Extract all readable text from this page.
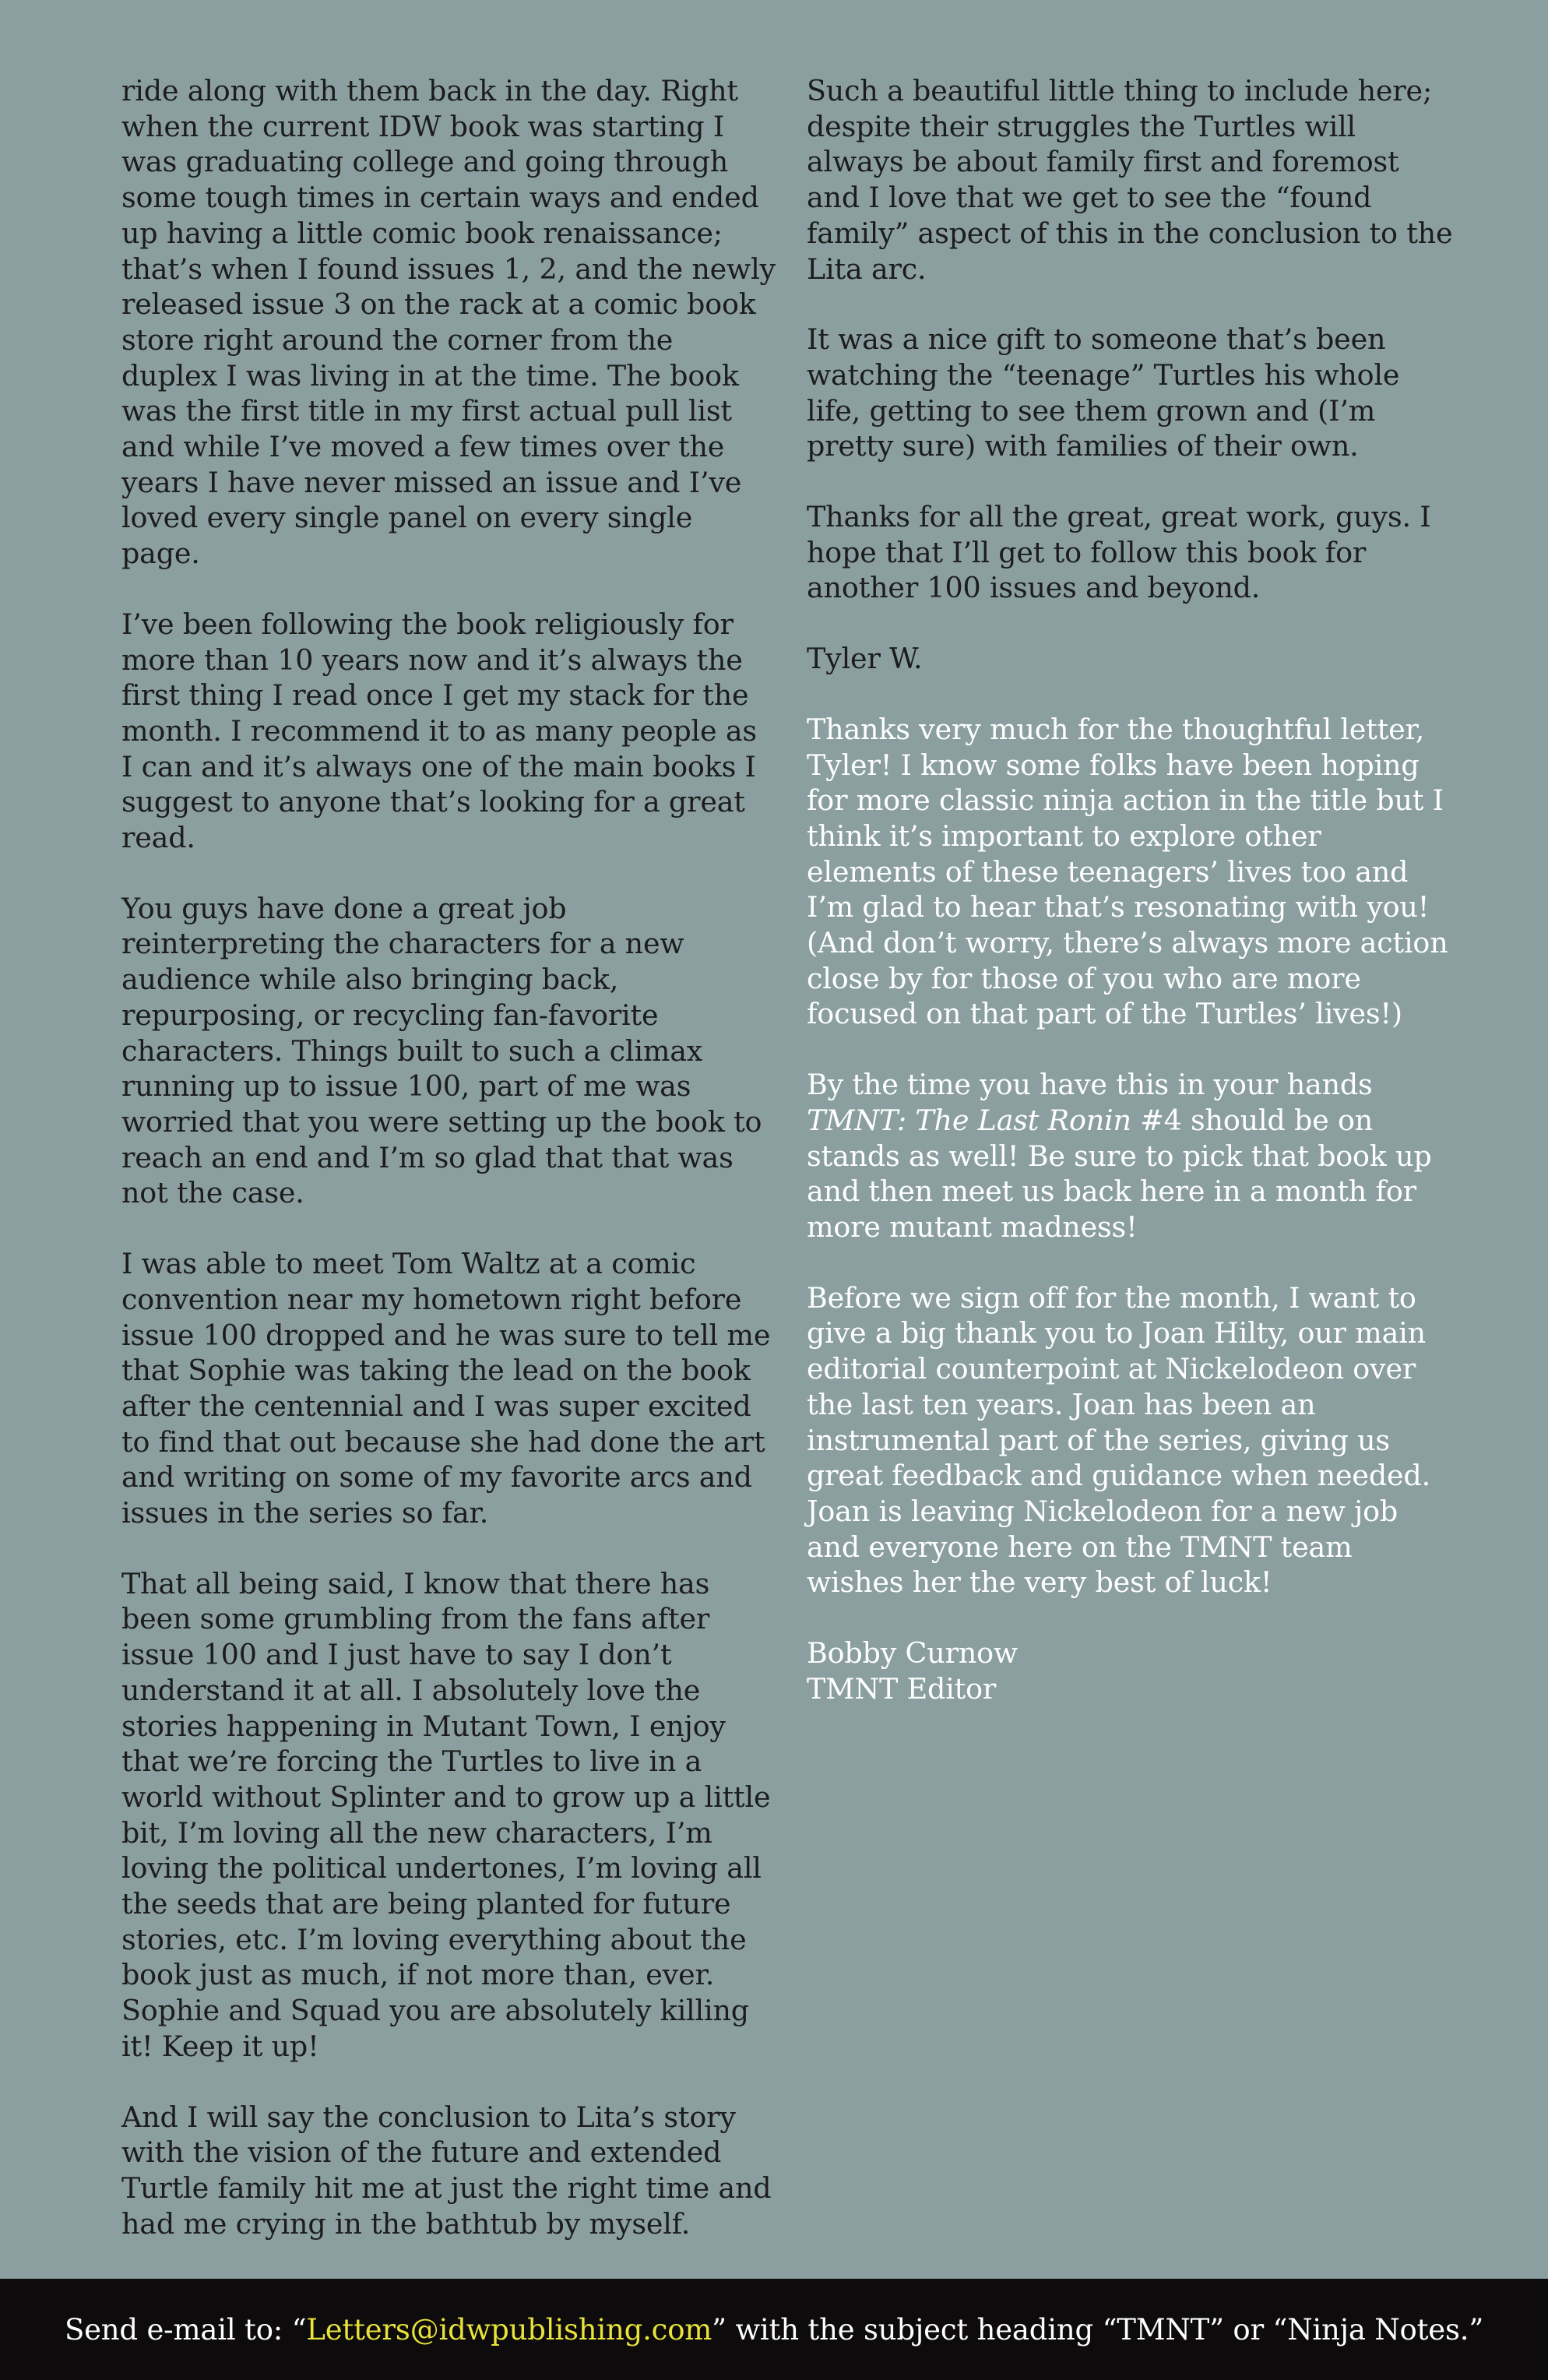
ride along with them back in the day. Right when the current IDW book was starting I was graduating college and going through some tough times in certain ways and ended up having a little comic book renaissance; that’s when I found issues 1, 2, and the newly released issue 3 on the rack at a comic book store right around the corner from the duplex I was living in at the time. The book was the first title in my first actual pull list and while I’ve moved a few times over the years I have never missed an issue and I’ve loved every single panel on every single page.

I’ve been following the book religiously for more than 10 years now and it’s always the first thing I read once I get my stack for the month. I recommend it to as many people as I can and it’s always one of the main books I suggest to anyone that’s looking for a great read.

You guys have done a great job reinterpreting the characters for a new audience while also bringing back, repurposing, or recycling fan-favorite characters. Things built to such a climax running up to issue 100, part of me was worried that you were setting up the book to reach an end and I’m so glad that that was not the case.

I was able to meet Tom Waltz at a comic convention near my hometown right before issue 100 dropped and he was sure to tell me that Sophie was taking the lead on the book after the centennial and I was super excited to find that out because she had done the art and writing on some of my favorite arcs and issues in the series so far.

That all being said, I know that there has been some grumbling from the fans after issue 100 and I just have to say I don’t understand it at all. I absolutely love the stories happening in Mutant Town, I enjoy that we’re forcing the Turtles to live in a world without Splinter and to grow up a little bit, I’m loving all the new characters, I’m loving the political undertones, I’m loving all the seeds that are being planted for future stories, etc. I’m loving everything about the book just as much, if not more than, ever. Sophie and Squad you are absolutely killing it! Keep it up!

And I will say the conclusion to Lita’s story with the vision of the future and extended Turtle family hit me at just the right time and had me crying in the bathtub by myself.

Such a beautiful little thing to include here; despite their struggles the Turtles will always be about family first and foremost and I love that we get to see the “found family” aspect of this in the conclusion to the Lita arc.

It was a nice gift to someone that’s been watching the “teenage” Turtles his whole life, getting to see them grown and (I’m pretty sure) with families of their own.

Thanks for all the great, great work, guys. I hope that I’ll get to follow this book for another 100 issues and beyond.

Tyler W.

Thanks very much for the thoughtful letter, Tyler! I know some folks have been hoping for more classic ninja action in the title but I think it’s important to explore other elements of these teenagers’ lives too and I’m glad to hear that’s resonating with you! (And don’t worry, there’s always more action close by for those of you who are more focused on that part of the Turtles’ lives!)

By the time you have this in your hands TMNT: The Last Ronin #4 should be on stands as well! Be sure to pick that book up and then meet us back here in a month for more mutant madness!

Before we sign off for the month, I want to give a big thank you to Joan Hilty, our main editorial counterpoint at Nickelodeon over the last ten years. Joan has been an instrumental part of the series, giving us great feedback and guidance when needed. Joan is leaving Nickelodeon for a new job and everyone here on the TMNT team wishes her the very best of luck!

Bobby Curnow
TMNT Editor

Send e-mail to: “ Letters@idwpublishing.com ” with the subject heading “TMNT” or “Ninja Notes.”
